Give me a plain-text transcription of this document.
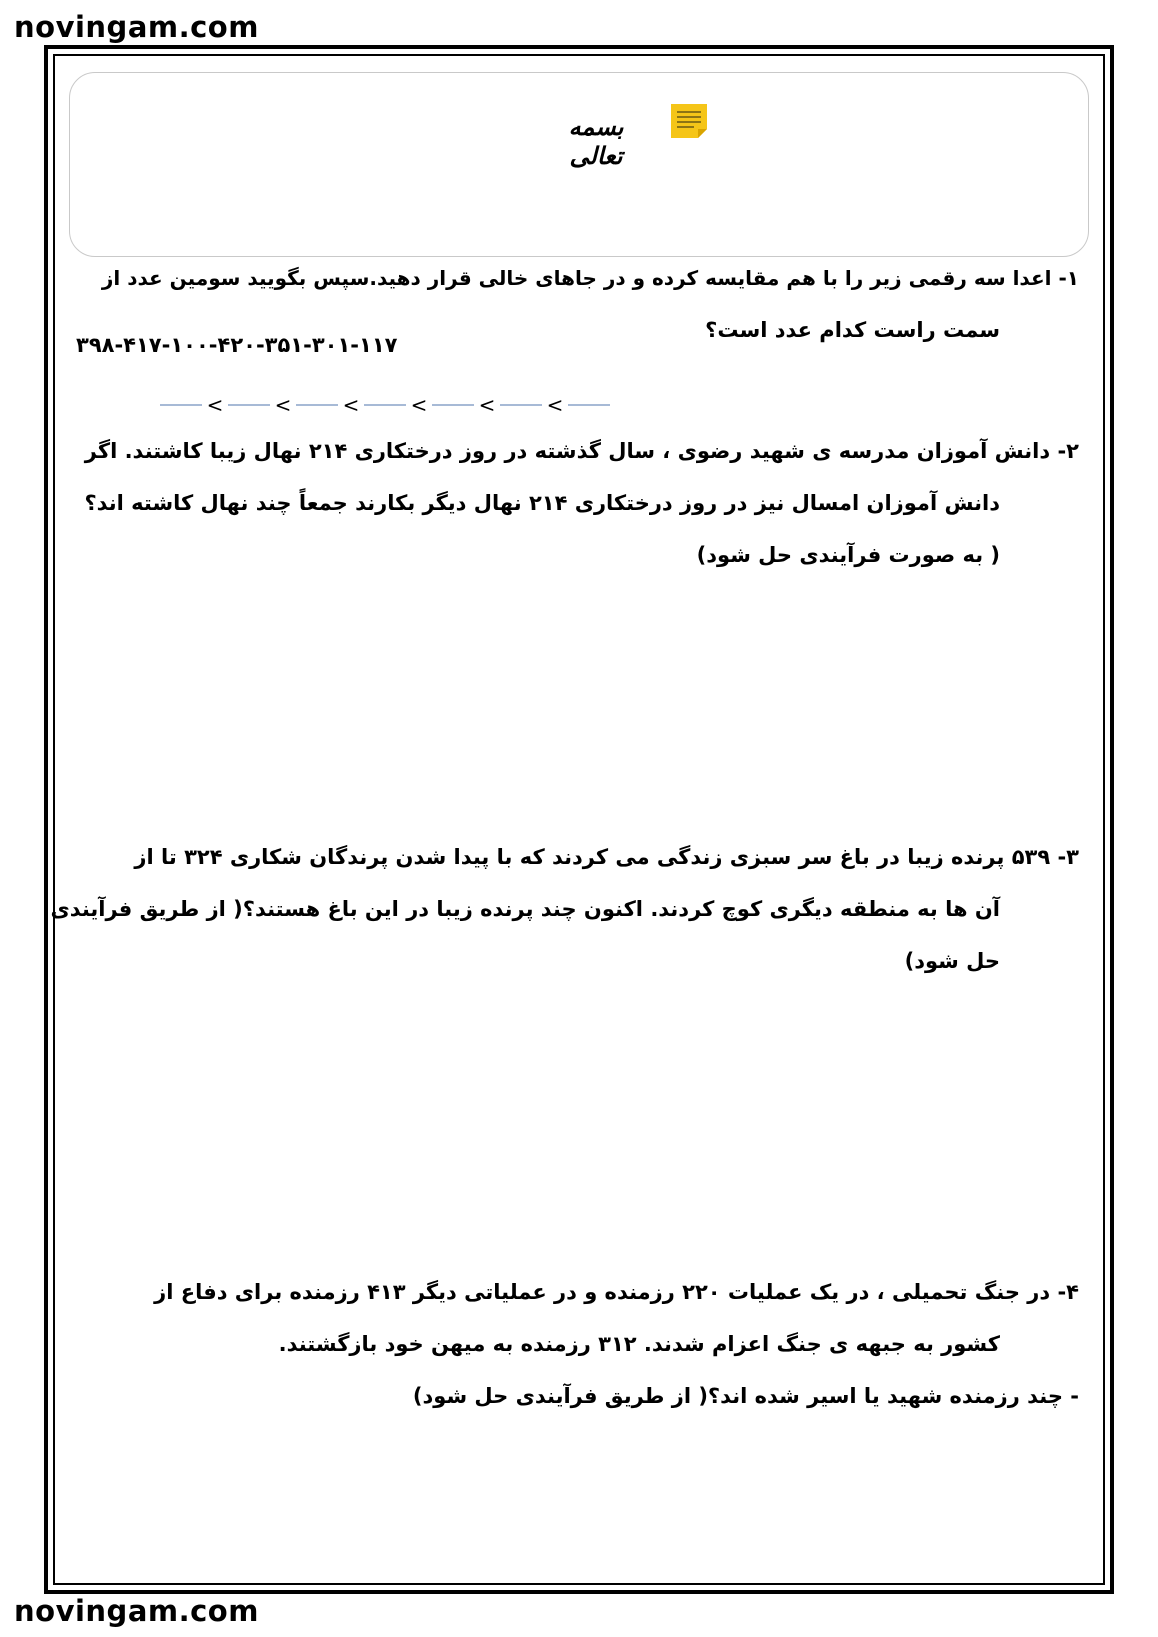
novingam.com
novingam.com
بسمه تعالی
۱- اعدا سه رقمی زیر را با هم مقایسه کرده و در جاهای خالی قرار دهید.سپس بگویید سومین عدد از
سمت راست کدام عدد است؟
۳۹۸-۴۱۷-۱۰۰-۴۲۰-۳۵۱-۳۰۱-۱۱۷
<	<	<	<	<	<
۲- دانش آموزان مدرسه ی شهید رضوی ، سال گذشته در روز درختکاری ۲۱۴ نهال زیبا کاشتند. اگر
دانش آموزان امسال نیز در روز درختکاری ۲۱۴ نهال دیگر بکارند جمعاً چند نهال کاشته اند؟
( به صورت فرآیندی حل شود)
۳- ۵۳۹ پرنده زیبا در باغ سر سبزی زندگی می کردند که با پیدا شدن پرندگان شکاری ۳۲۴ تا از
آن ها به منطقه دیگری کوچ کردند. اکنون چند پرنده زیبا در این باغ هستند؟( از طریق فرآیندی
حل شود)
۴- در جنگ تحمیلی ، در یک عملیات ۲۲۰ رزمنده و در عملیاتی دیگر ۴۱۳ رزمنده برای دفاع از
کشور به جبهه ی جنگ اعزام شدند. ۳۱۲ رزمنده به میهن خود بازگشتند.
- چند رزمنده شهید یا اسیر شده اند؟( از طریق فرآیندی حل شود)
